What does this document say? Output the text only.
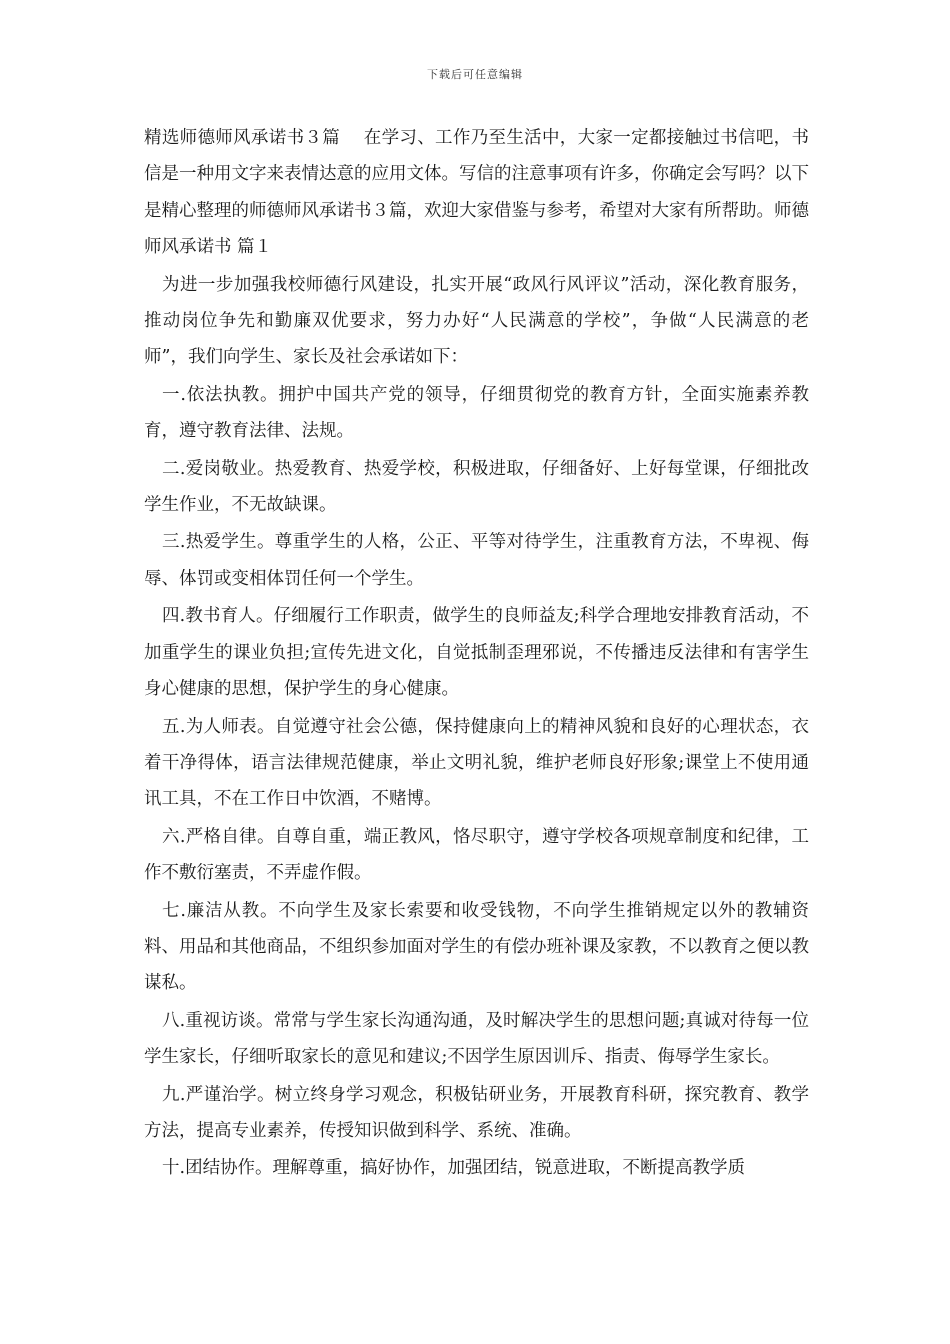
下载后可任意编辑

精选师德师风承诺书３篇　 在学习、工作乃至生活中，大家一定都接触过书信吧，书信是一种用文字来表情达意的应用文体。写信的注意事项有许多，你确定会写吗？以下是精心整理的师德师风承诺书３篇，欢迎大家借鉴与参考，希望对大家有所帮助。师德师风承诺书 篇１

为进一步加强我校师德行风建设，扎实开展“政风行风评议”活动，深化教育服务，推动岗位争先和勤廉双优要求，努力办好“人民满意的学校”，争做“人民满意的老师”，我们向学生、家长及社会承诺如下：

一.依法执教。拥护中国共产党的领导，仔细贯彻党的教育方针，全面实施素养教育，遵守教育法律、法规。

二.爱岗敬业。热爱教育、热爱学校，积极进取，仔细备好、上好每堂课，仔细批改学生作业，不无故缺课。

三.热爱学生。尊重学生的人格，公正、平等对待学生，注重教育方法，不卑视、侮辱、体罚或变相体罚任何一个学生。

四.教书育人。仔细履行工作职责，做学生的良师益友;科学合理地安排教育活动，不加重学生的课业负担;宣传先进文化，自觉抵制歪理邪说，不传播违反法律和有害学生身心健康的思想，保护学生的身心健康。

五.为人师表。自觉遵守社会公德，保持健康向上的精神风貌和良好的心理状态，衣着干净得体，语言法律规范健康，举止文明礼貌，维护老师良好形象;课堂上不使用通讯工具，不在工作日中饮酒，不赌博。

六.严格自律。自尊自重，端正教风，恪尽职守，遵守学校各项规章制度和纪律，工作不敷衍塞责，不弄虚作假。

七.廉洁从教。不向学生及家长索要和收受钱物，不向学生推销规定以外的教辅资料、用品和其他商品，不组织参加面对学生的有偿办班补课及家教，不以教育之便以教谋私。

八.重视访谈。常常与学生家长沟通沟通，及时解决学生的思想问题;真诚对待每一位学生家长，仔细听取家长的意见和建议;不因学生原因训斥、指责、侮辱学生家长。

九.严谨治学。树立终身学习观念，积极钻研业务，开展教育科研，探究教育、教学方法，提高专业素养，传授知识做到科学、系统、准确。

十.团结协作。理解尊重，搞好协作，加强团结，锐意进取，不断提高教学质
